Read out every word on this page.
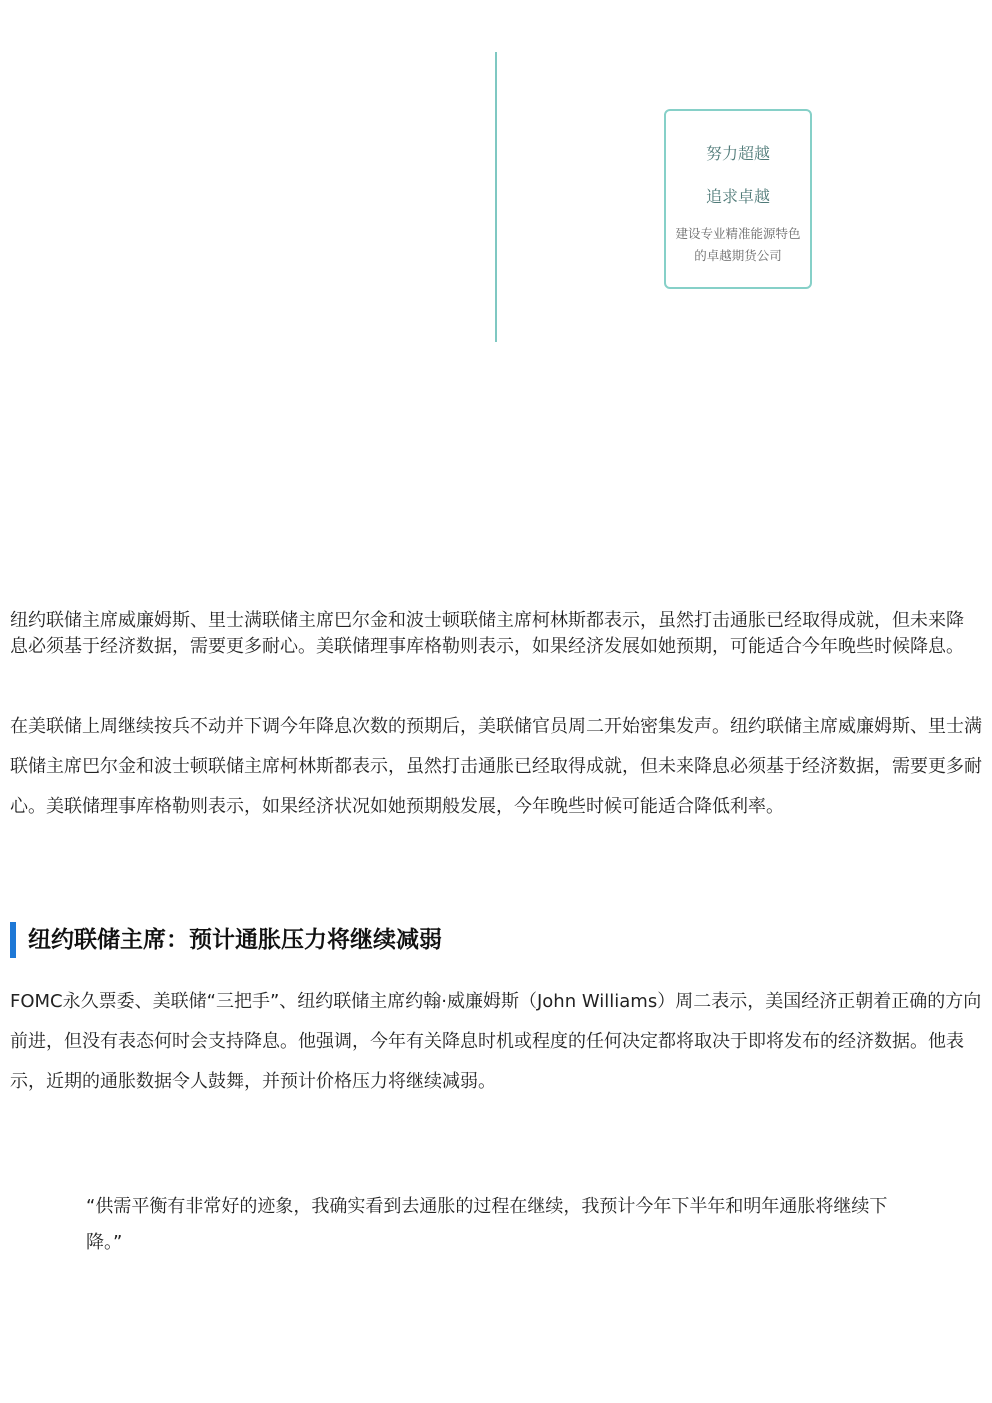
努力超越
追求卓越
建设专业精准能源特色的卓越期货公司

纽约联储主席威廉姆斯、里士满联储主席巴尔金和波士顿联储主席柯林斯都表示，虽然打击通胀已经取得成就，但未来降息必须基于经济数据，需要更多耐心。美联储理事库格勒则表示，如果经济发展如她预期，可能适合今年晚些时候降息。

在美联储上周继续按兵不动并下调今年降息次数的预期后，美联储官员周二开始密集发声。纽约联储主席威廉姆斯、里士满联储主席巴尔金和波士顿联储主席柯林斯都表示，虽然打击通胀已经取得成就，但未来降息必须基于经济数据，需要更多耐心。美联储理事库格勒则表示，如果经济状况如她预期般发展，今年晚些时候可能适合降低利率。

纽约联储主席：预计通胀压力将继续减弱

FOMC永久票委、美联储“三把手”、纽约联储主席约翰·威廉姆斯（John Williams）周二表示，美国经济正朝着正确的方向前进，但没有表态何时会支持降息。他强调，今年有关降息时机或程度的任何决定都将取决于即将发布的经济数据。他表示，近期的通胀数据令人鼓舞，并预计价格压力将继续减弱。

“供需平衡有非常好的迹象，我确实看到去通胀的过程在继续，我预计今年下半年和明年通胀将继续下降。”
